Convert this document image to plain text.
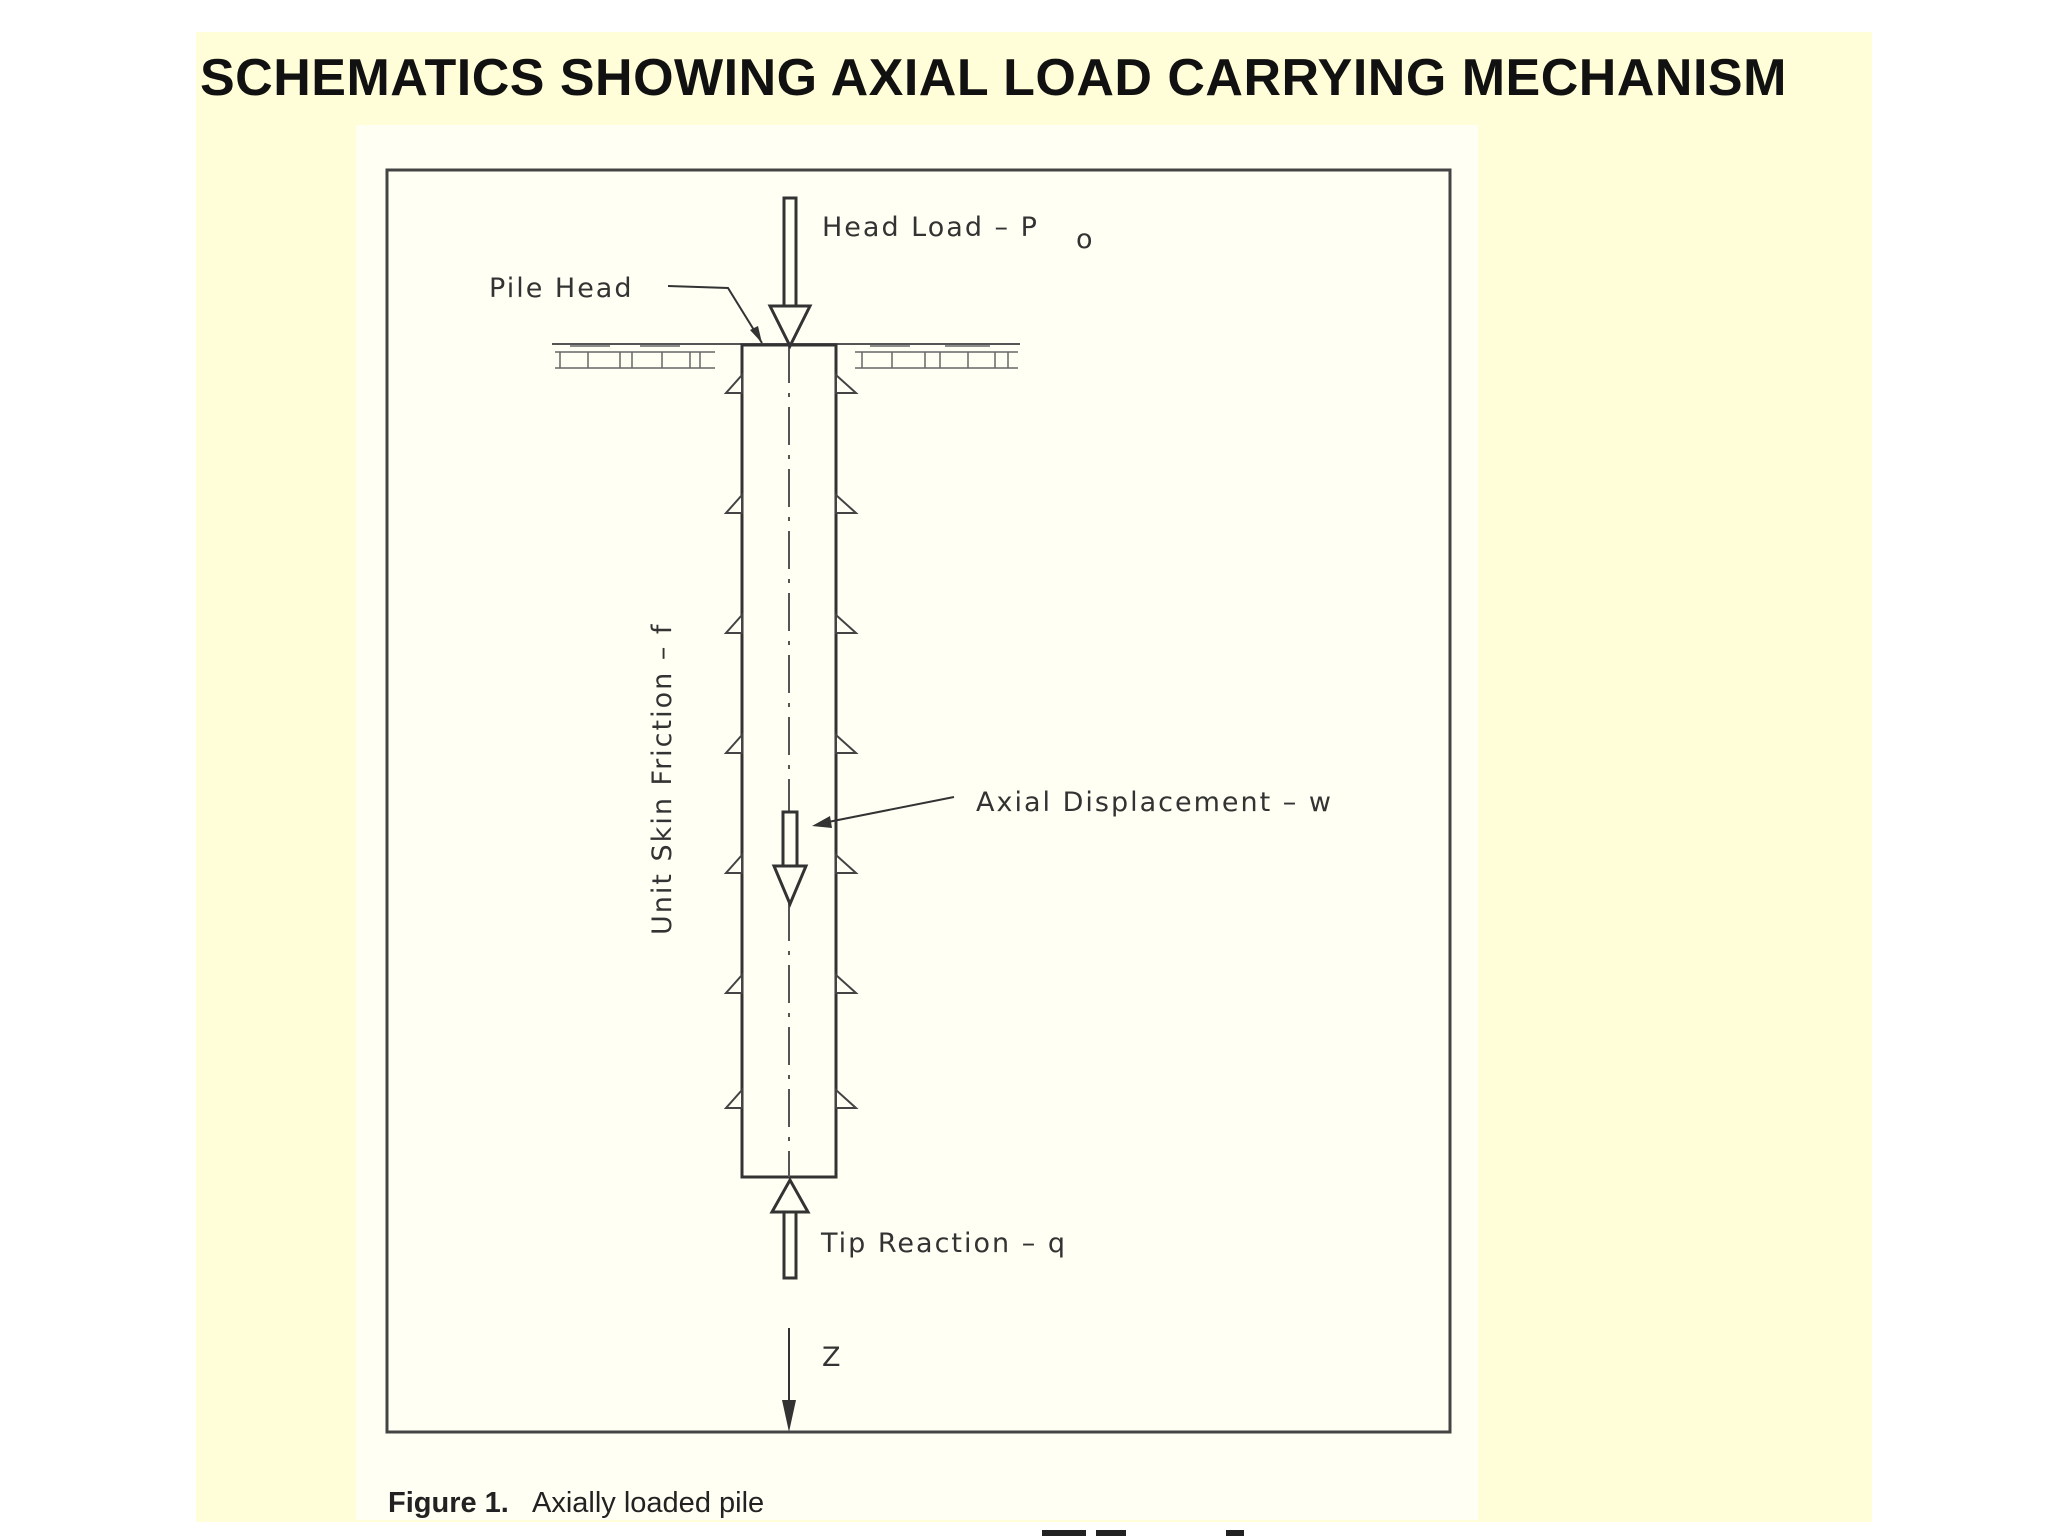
SCHEMATICS SHOWING AXIAL LOAD CARRYING MECHANISM
Head Load – P o
Pile Head
Unit Skin Friction – f	Axial Displacement – w
Tip Reaction – q
Z
Figure 1. Axially loaded pile
